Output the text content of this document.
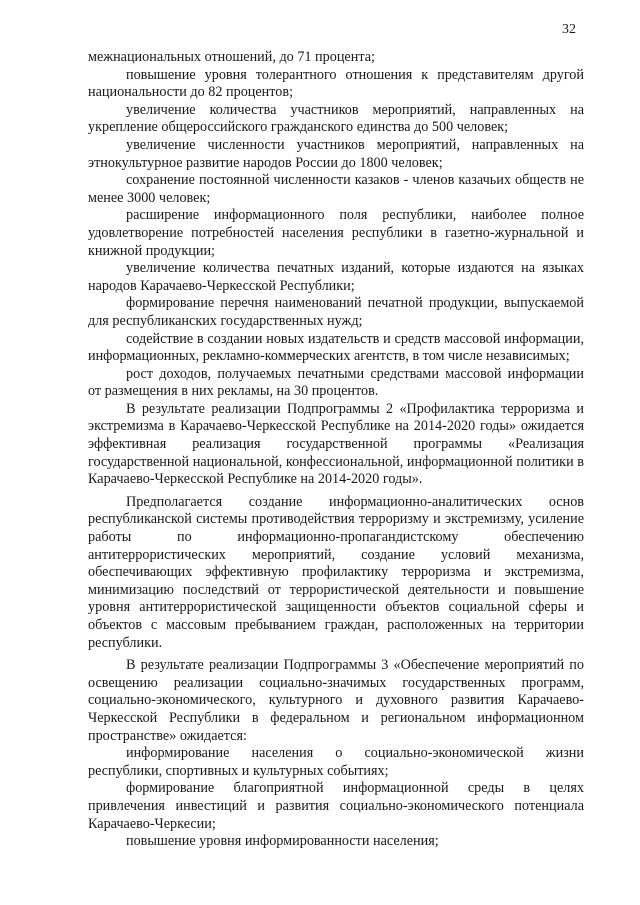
32

межнациональных отношений, до 71 процента;

повышение уровня толерантного отношения к представителям другой национальности до 82 процентов;

увеличение количества участников мероприятий, направленных на укрепление общероссийского гражданского единства до 500 человек;

увеличение численности участников мероприятий, направленных на этнокультурное развитие народов России до 1800 человек;

сохранение постоянной численности казаков - членов казачьих обществ не менее 3000 человек;

расширение информационного поля республики, наиболее полное удовлетворение потребностей населения республики в газетно-журнальной и книжной продукции;

увеличение количества печатных изданий, которые издаются на языках народов Карачаево-Черкесской Республики;

формирование перечня наименований печатной продукции, выпускаемой для республиканских государственных нужд;

содействие в создании новых издательств и средств массовой информации, информационных, рекламно-коммерческих агентств, в том числе независимых;

рост доходов, получаемых печатными средствами массовой информации от размещения в них рекламы, на 30 процентов.

В результате реализации Подпрограммы 2 «Профилактика терроризма и экстремизма в Карачаево-Черкесской Республике на 2014-2020 годы» ожидается эффективная реализация государственной программы «Реализация государственной национальной, конфессиональной, информационной политики в Карачаево-Черкесской Республике на 2014-2020 годы».

Предполагается создание информационно-аналитических основ республиканской системы противодействия терроризму и экстремизму, усиление работы по информационно-пропагандистскому обеспечению антитеррористических мероприятий, создание условий механизма, обеспечивающих эффективную профилактику терроризма и экстремизма, минимизацию последствий от террористической деятельности и повышение уровня антитеррористической защищенности объектов социальной сферы и объектов с массовым пребыванием граждан, расположенных на территории республики.

В результате реализации Подпрограммы 3 «Обеспечение мероприятий по освещению реализации социально-значимых государственных программ, социально-экономического, культурного и духовного развития Карачаево-Черкесской Республики в федеральном и региональном информационном пространстве» ожидается:

информирование населения о социально-экономической жизни республики, спортивных и культурных событиях;

формирование благоприятной информационной среды в целях привлечения инвестиций и развития социально-экономического потенциала Карачаево-Черкесии;

повышение уровня информированности населения;
